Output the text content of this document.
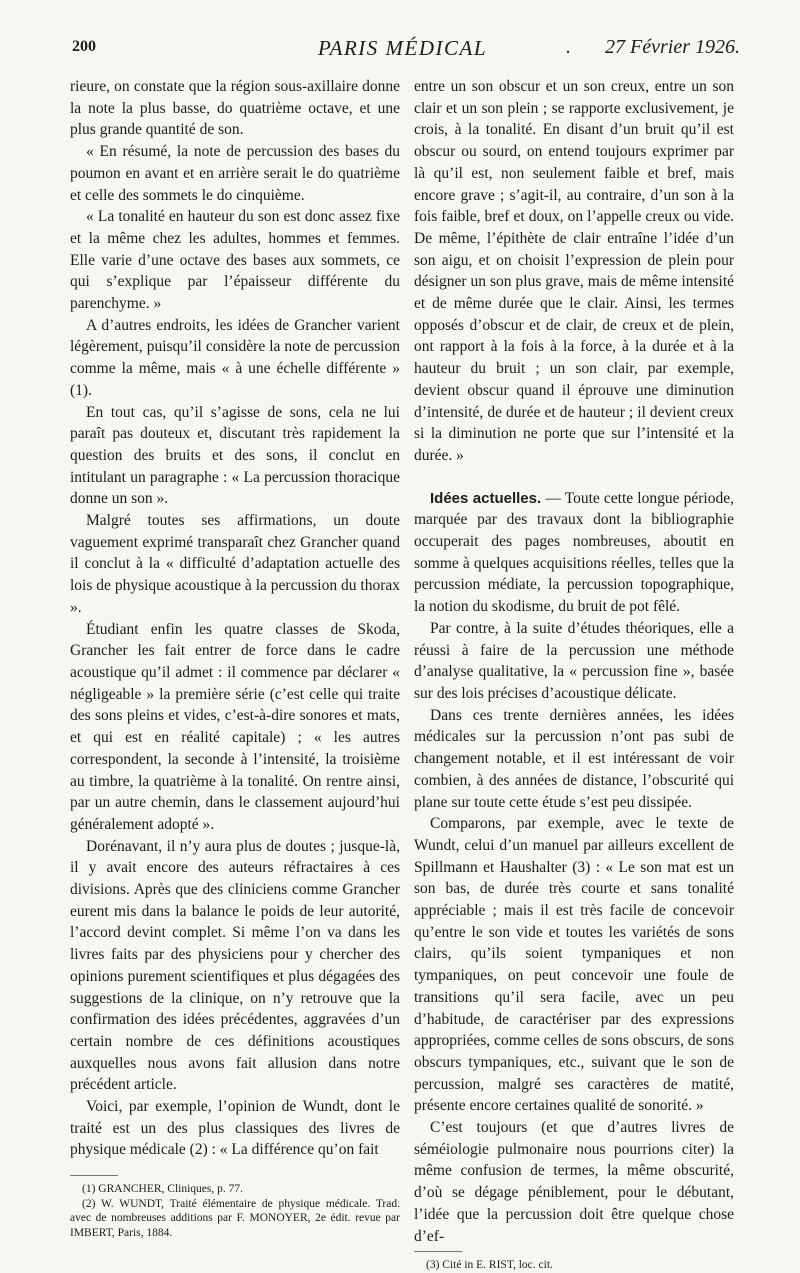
200	PARIS MÉDICAL	. 27 Février 1926.

rieure, on constate que la région sous-axillaire donne la note la plus basse, do quatrième octave, et une plus grande quantité de son.

« En résumé, la note de percussion des bases du poumon en avant et en arrière serait le do quatrième et celle des sommets le do cinquième.

« La tonalité en hauteur du son est donc assez fixe et la même chez les adultes, hommes et femmes. Elle varie d’une octave des bases aux sommets, ce qui s’explique par l’épaisseur différente du parenchyme. »

A d’autres endroits, les idées de Grancher varient légèrement, puisqu’il considère la note de percussion comme la même, mais « à une échelle différente » (1).

En tout cas, qu’il s’agisse de sons, cela ne lui paraît pas douteux et, discutant très rapidement la question des bruits et des sons, il conclut en intitulant un paragraphe : « La percussion thoracique donne un son ».

Malgré toutes ses affirmations, un doute vaguement exprimé transparaît chez Grancher quand il conclut à la « difficulté d’adaptation actuelle des lois de physique acoustique à la percussion du thorax ».

Étudiant enfin les quatre classes de Skoda, Grancher les fait entrer de force dans le cadre acoustique qu’il admet : il commence par déclarer « négligeable » la première série (c’est celle qui traite des sons pleins et vides, c’est-à-dire sonores et mats, et qui est en réalité capitale) ; « les autres correspondent, la seconde à l’intensité, la troisième au timbre, la quatrième à la tonalité. On rentre ainsi, par un autre chemin, dans le classement aujourd’hui généralement adopté ».

Dorénavant, il n’y aura plus de doutes ; jusque-là, il y avait encore des auteurs réfractaires à ces divisions. Après que des cliniciens comme Grancher eurent mis dans la balance le poids de leur autorité, l’accord devint complet. Si même l’on va dans les livres faits par des physiciens pour y chercher des opinions purement scientifiques et plus dégagées des suggestions de la clinique, on n’y retrouve que la confirmation des idées précédentes, aggravées d’un certain nombre de ces définitions acoustiques auxquelles nous avons fait allusion dans notre précédent article.

Voici, par exemple, l’opinion de Wundt, dont le traité est un des plus classiques des livres de physique médicale (2) : « La différence qu’on fait

(1) GRANCHER, Cliniques, p. 77.

(2) W. WUNDT, Traité élémentaire de physique médicale. Trad. avec de nombreuses additions par F. MONOYER, 2e édit. revue par IMBERT, Paris, 1884.

entre un son obscur et un son creux, entre un son clair et un son plein ; se rapporte exclusivement, je crois, à la tonalité. En disant d’un bruit qu’il est obscur ou sourd, on entend toujours exprimer par là qu’il est, non seulement faible et bref, mais encore grave ; s’agit-il, au contraire, d’un son à la fois faible, bref et doux, on l’appelle creux ou vide. De même, l’épithète de clair entraîne l’idée d’un son aigu, et on choisit l’expression de plein pour désigner un son plus grave, mais de même intensité et de même durée que le clair. Ainsi, les termes opposés d’obscur et de clair, de creux et de plein, ont rapport à la fois à la force, à la durée et à la hauteur du bruit ; un son clair, par exemple, devient obscur quand il éprouve une diminution d’intensité, de durée et de hauteur ; il devient creux si la diminution ne porte que sur l’intensité et la durée. »

Idées actuelles. — Toute cette longue période, marquée par des travaux dont la bibliographie occuperait des pages nombreuses, aboutit en somme à quelques acquisitions réelles, telles que la percussion médiate, la percussion topographique, la notion du skodisme, du bruit de pot fêlé.

Par contre, à la suite d’études théoriques, elle a réussi à faire de la percussion une méthode d’analyse qualitative, la « percussion fine », basée sur des lois précises d’acoustique délicate.

Dans ces trente dernières années, les idées médicales sur la percussion n’ont pas subi de changement notable, et il est intéressant de voir combien, à des années de distance, l’obscurité qui plane sur toute cette étude s’est peu dissipée.

Comparons, par exemple, avec le texte de Wundt, celui d’un manuel par ailleurs excellent de Spillmann et Haushalter (3) : « Le son mat est un son bas, de durée très courte et sans tonalité appréciable ; mais il est très facile de concevoir qu’entre le son vide et toutes les variétés de sons clairs, qu’ils soient tympaniques et non tympaniques, on peut concevoir une foule de transitions qu’il sera facile, avec un peu d’habitude, de caractériser par des expressions appropriées, comme celles de sons obscurs, de sons obscurs tympaniques, etc., suivant que le son de percussion, malgré ses caractères de matité, présente encore certaines qualité de sonorité. »

C’est toujours (et que d’autres livres de séméiologie pulmonaire nous pourrions citer) la même confusion de termes, la même obscurité, d’où se dégage péniblement, pour le débutant, l’idée que la percussion doit être quelque chose d’ef-

(3) Cité in E. RIST, loc. cit.
